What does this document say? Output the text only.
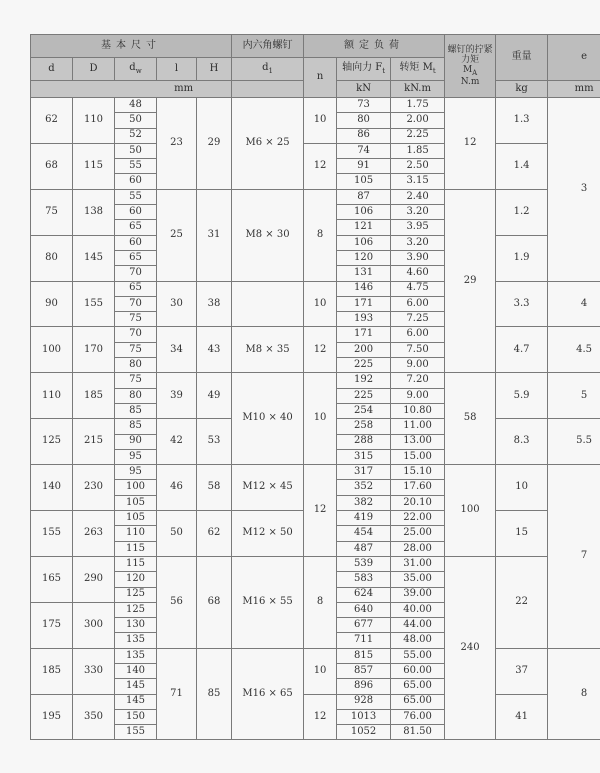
基本尺寸					内六角螺钉	额定负荷			螺钉的拧紧力矩
$M_A$
N.m	重量	e
d	D	$d_w$	l	H	$d_1$	n	轴向力 $F_t$	转矩 $M_t$
mm							kN	kN.m		kg	mm
62	110	48	23	29	M6 × 25	10	73	1.75	12	1.3	3
		50					80	2.00			
		52					86	2.25			
68	115	50				12	74	1.85		1.4	
		55					91	2.50			
		60					105	3.15			
75	138	55	25	31	M8 × 30	8	87	2.40	29	1.2	
		60					106	3.20			
		65					121	3.95			
80	145	60					106	3.20		1.9	
		65					120	3.90			
		70					131	4.60			
90	155	65	30	38		10	146	4.75		3.3	4
		70					171	6.00			
		75					193	7.25			
100	170	70	34	43	M8 × 35	12	171	6.00		4.7	4.5
		75					200	7.50			
		80					225	9.00			
110	185	75	39	49	M10 × 40	10	192	7.20	58	5.9	5
		80					225	9.00			
		85					254	10.80			
125	215	85	42	53			258	11.00		8.3	5.5
		90					288	13.00			
		95					315	15.00			
140	230	95	46	58	M12 × 45	12	317	15.10	100	10	7
		100					352	17.60			
		105					382	20.10			
155	263	105	50	62	M12 × 50		419	22.00		15	
		110					454	25.00			
		115					487	28.00			
165	290	115	56	68	M16 × 55	8	539	31.00	240	22	
		120					583	35.00			
		125					624	39.00			
175	300	125					640	40.00			
		130					677	44.00			
		135					711	48.00			
185	330	135	71	85	M16 × 65	10	815	55.00		37	8
		140					857	60.00			
		145					896	65.00			
195	350	145				12	928	65.00		41	
		150					1013	76.00			
		155					1052	81.50			
